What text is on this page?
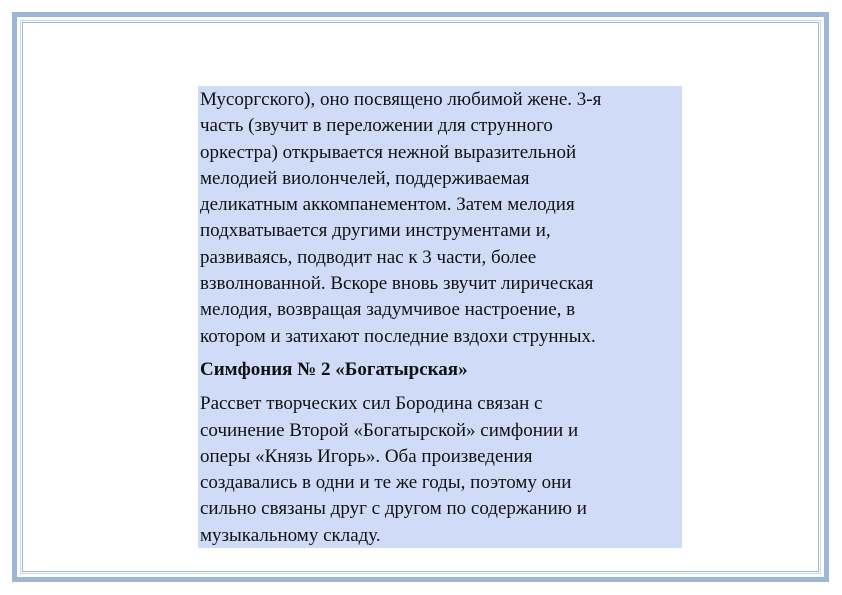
Мусоргского), оно посвящено любимой жене. 3-я
часть (звучит в переложении для струнного
оркестра) открывается нежной выразительной
мелодией виолончелей, поддерживаемая
деликатным аккомпанементом. Затем мелодия
подхватывается другими инструментами и,
развиваясь, подводит нас к 3 части, более
взволнованной. Вскоре вновь звучит лирическая
мелодия, возвращая задумчивое настроение, в
котором и затихают последние вздохи струнных.

Симфония № 2 «Богатырская»

Рассвет творческих сил Бородина связан с
сочинение Второй «Богатырской» симфонии и
оперы «Князь Игорь». Оба произведения
создавались в одни и те же годы, поэтому они
сильно связаны друг с другом по содержанию и
музыкальному складу.
